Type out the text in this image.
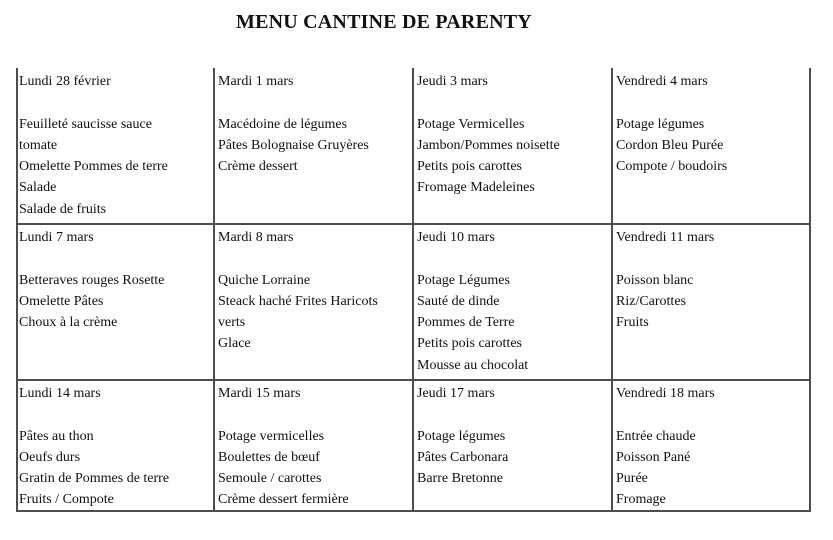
MENU CANTINE DE PARENTY
Lundi 28 février
Feuilleté saucisse sauce
tomate
Omelette Pommes de terre
Salade
Salade de fruits
Mardi 1 mars
Macédoine de légumes
Pâtes Bolognaise Gruyères
Crème dessert
Jeudi 3 mars
Potage Vermicelles
Jambon/Pommes noisette
Petits pois carottes
Fromage Madeleines
Vendredi 4 mars
Potage légumes
Cordon Bleu Purée
Compote / boudoirs
Lundi 7 mars
Betteraves rouges Rosette
Omelette Pâtes
Choux à la crème
Mardi 8 mars
Quiche Lorraine
Steack haché Frites Haricots
verts
Glace
Jeudi 10 mars
Potage Légumes
Sauté de dinde
Pommes de Terre
Petits pois carottes
Mousse au chocolat
Vendredi 11 mars
Poisson blanc
Riz/Carottes
Fruits
Lundi 14 mars
Pâtes au thon
Oeufs durs
Gratin de Pommes de terre
Fruits / Compote
Mardi 15 mars
Potage vermicelles
Boulettes de bœuf
Semoule / carottes
Crème dessert fermière
Jeudi 17 mars
Potage légumes
Pâtes Carbonara
Barre Bretonne
Vendredi 18 mars
Entrée chaude
Poisson Pané
Purée
Fromage
